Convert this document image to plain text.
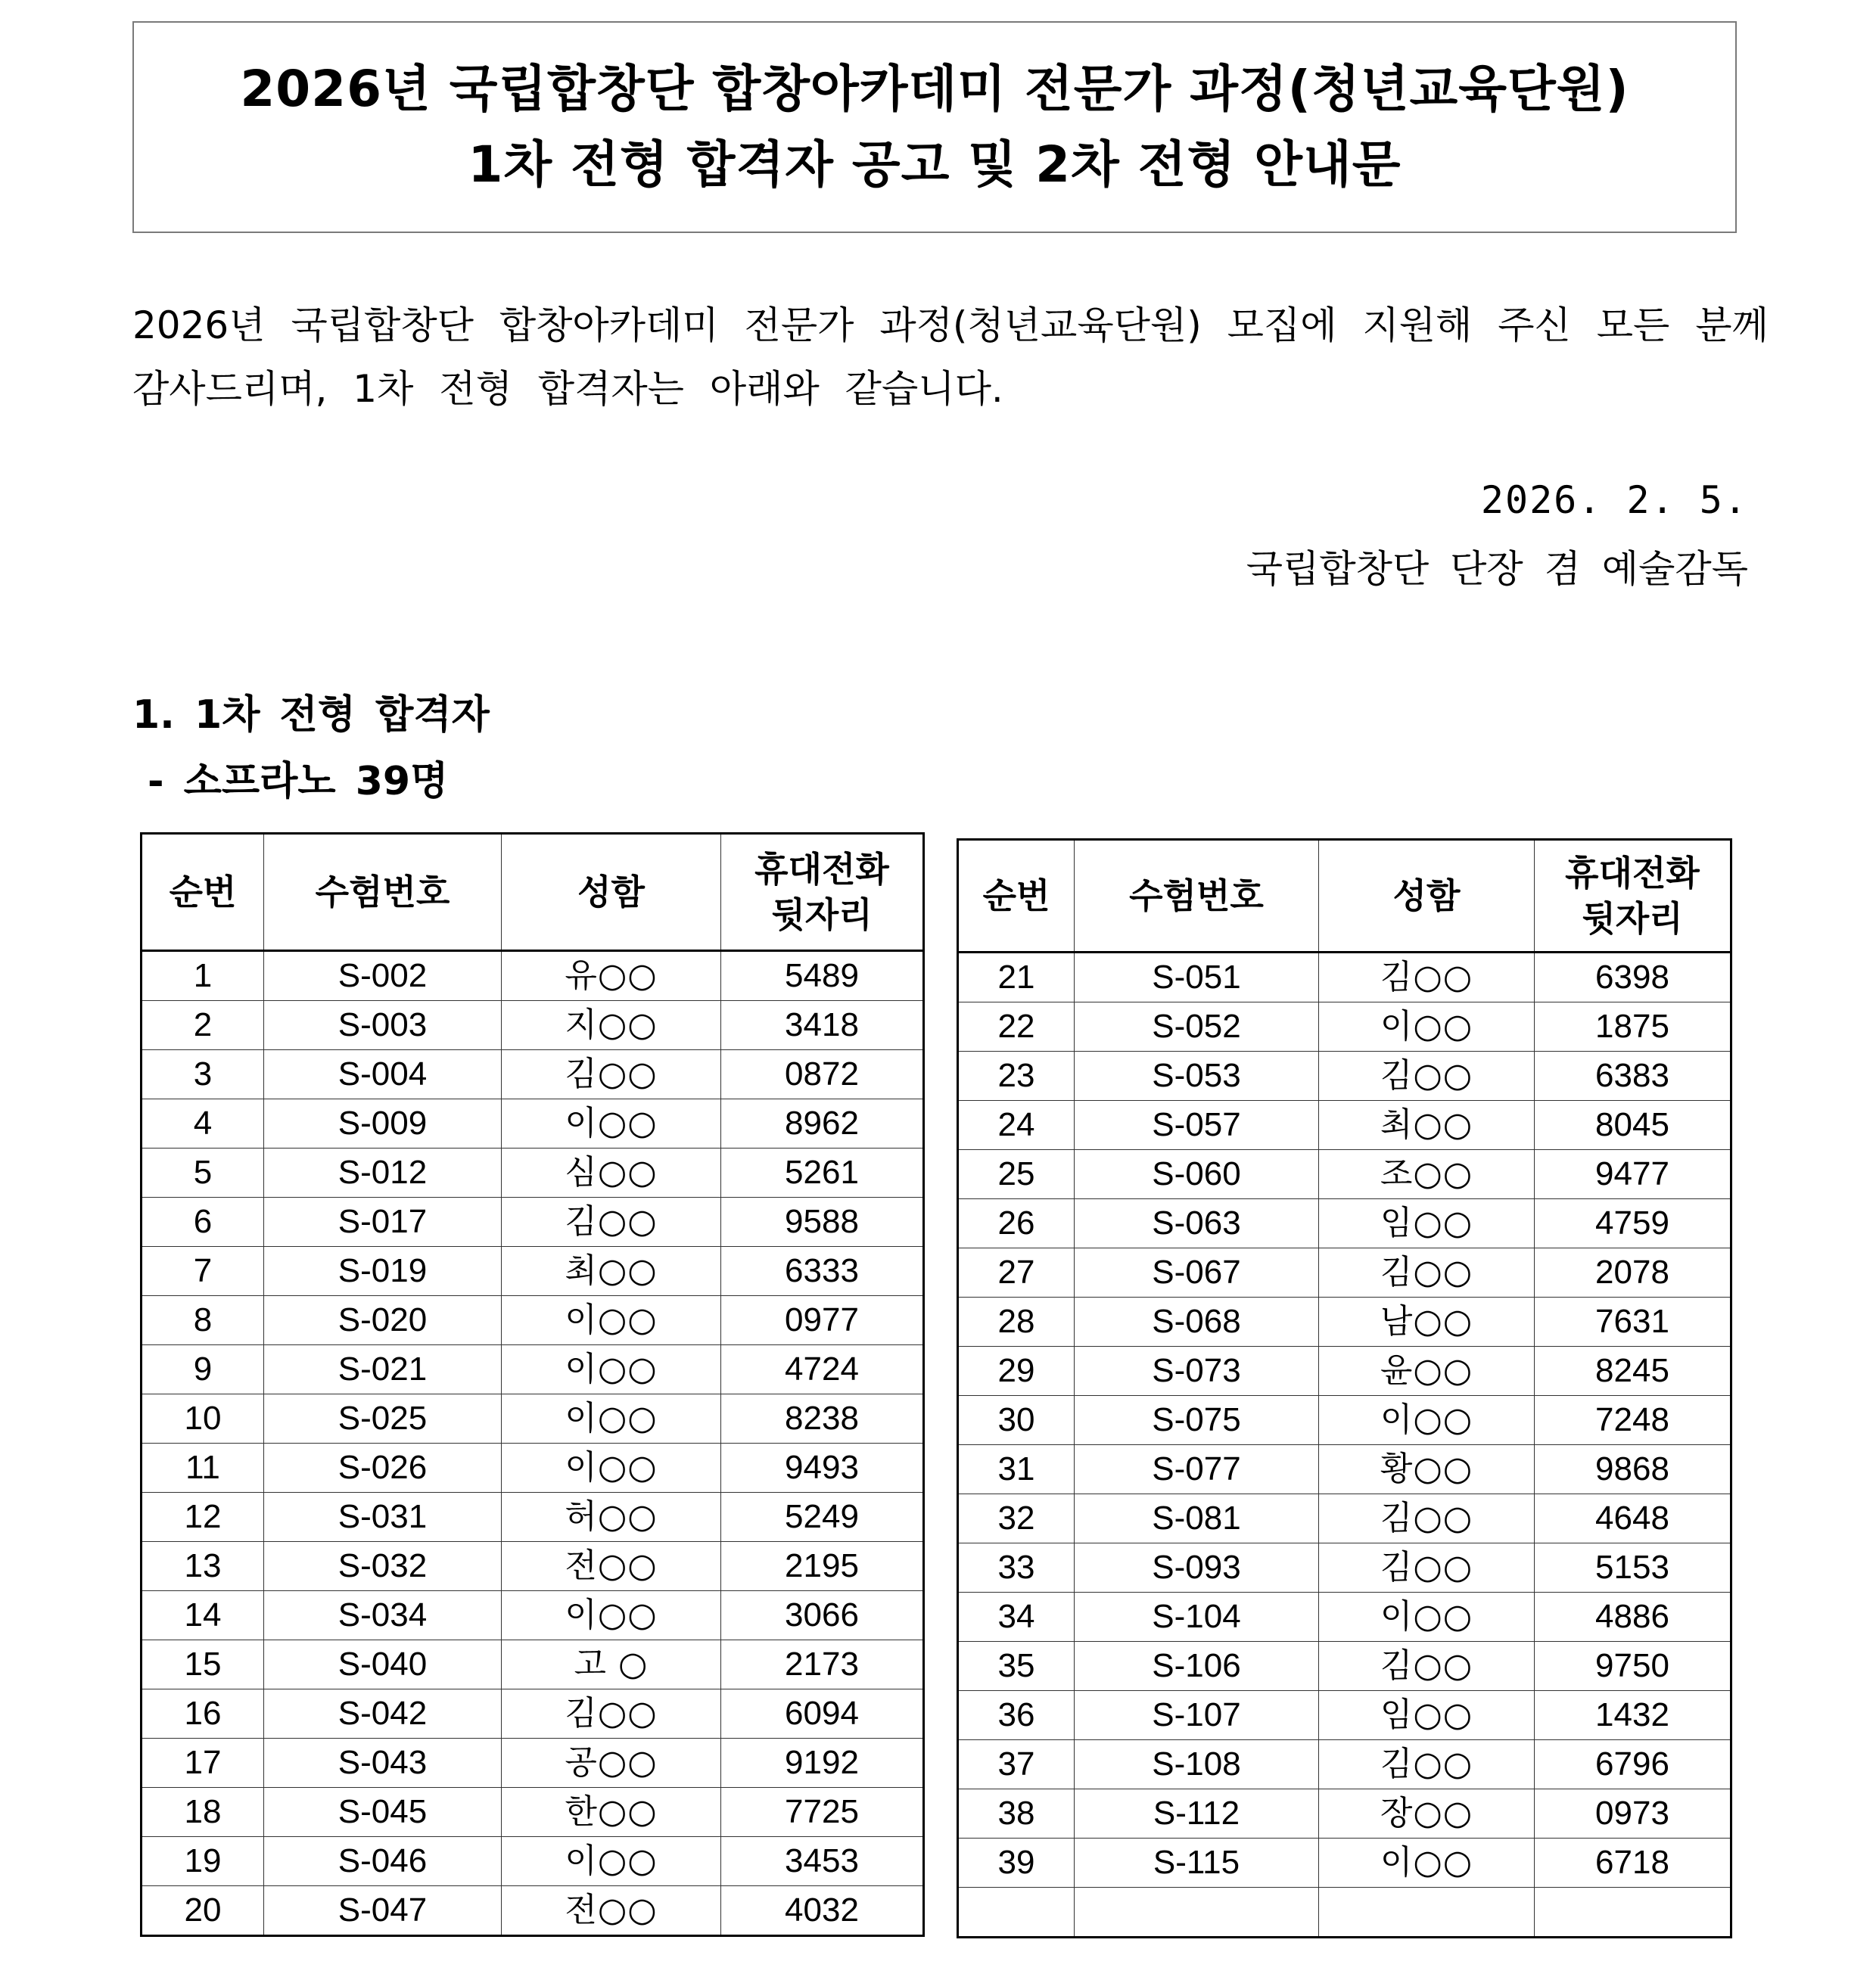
2026년 국립합창단 합창아카데미 전문가 과정(청년교육단원)
1차 전형 합격자 공고 및 2차 전형 안내문
2026년 국립합창단 합창아카데미 전문가 과정(청년교육단원) 모집에 지원해 주신 모든 분께
감사드리며, 1차 전형 합격자는 아래와 같습니다.
2026. 2. 5.
국립합창단 단장 겸 예술감독
1. 1차 전형 합격자
- 소프라노 39명
순번	수험번호	성함	휴대전화
뒷자리

1	S-002	유○○	5489
2	S-003	지○○	3418
3	S-004	김○○	0872
4	S-009	이○○	8962
5	S-012	심○○	5261
6	S-017	김○○	9588
7	S-019	최○○	6333
8	S-020	이○○	0977
9	S-021	이○○	4724
10	S-025	이○○	8238
11	S-026	이○○	9493
12	S-031	허○○	5249
13	S-032	전○○	2195
14	S-034	이○○	3066
15	S-040	고 ○	2173
16	S-042	김○○	6094
17	S-043	공○○	9192
18	S-045	한○○	7725
19	S-046	이○○	3453
20	S-047	전○○	4032
순번	수험번호	성함	휴대전화
뒷자리

21	S-051	김○○	6398
22	S-052	이○○	1875
23	S-053	김○○	6383
24	S-057	최○○	8045
25	S-060	조○○	9477
26	S-063	임○○	4759
27	S-067	김○○	2078
28	S-068	남○○	7631
29	S-073	윤○○	8245
30	S-075	이○○	7248
31	S-077	황○○	9868
32	S-081	김○○	4648
33	S-093	김○○	5153
34	S-104	이○○	4886
35	S-106	김○○	9750
36	S-107	임○○	1432
37	S-108	김○○	6796
38	S-112	장○○	0973
39	S-115	이○○	6718
